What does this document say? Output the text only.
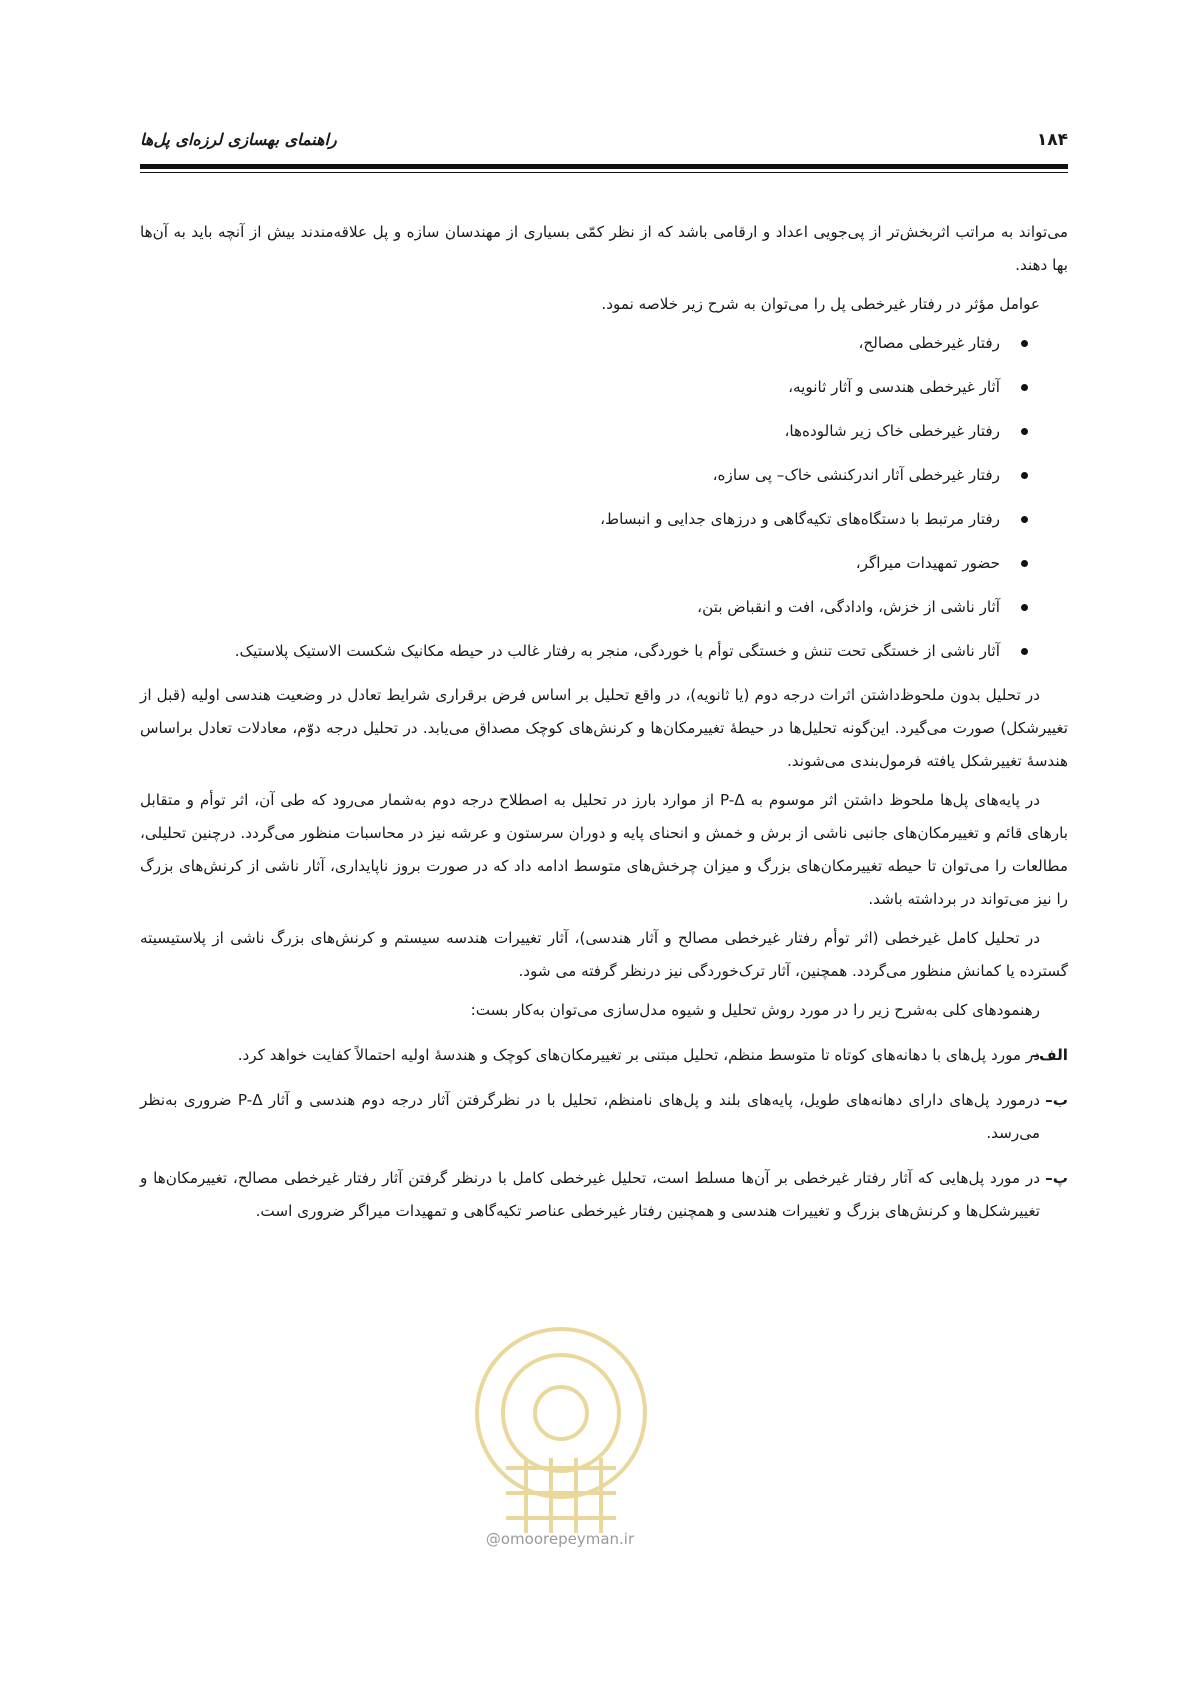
۱۸۴
راهنمای بهسازی لرزه‌ای پل‌ها

می‌تواند به مراتب اثربخش‌تر از پی‌جویی اعداد و ارقامی باشد که از نظر کمّی بسیاری از مهندسان سازه و پل علاقه‌مندند بیش از آنچه باید به آن‌ها بها دهند.

عوامل مؤثر در رفتار غیرخطی پل را می‌توان به شرح زیر خلاصه نمود.

رفتار غیرخطی مصالح،
آثار غیرخطی هندسی و آثار ثانویه،
رفتار غیرخطی خاک زیر شالوده‌ها،
رفتار غیرخطی آثار اندرکنشی خاک– پی سازه،
رفتار مرتبط با دستگاه‌های تکیه‌گاهی و درزهای جدایی و انبساط،
حضور تمهیدات میراگر،
آثار ناشی از خزش، وادادگی، افت و انقباض بتن،
آثار ناشی از خستگی تحت تنش و خستگی توأم با خوردگی، منجر به رفتار غالب در حیطه مکانیک شکست الاستیک پلاستیک.

در تحلیل بدون ملحوظ‌داشتن اثرات درجه دوم (یا ثانویه)، در واقع تحلیل بر اساس فرض برقراری شرایط تعادل در وضعیت هندسی اولیه (قبل از تغییرشکل) صورت می‌گیرد. این‌گونه تحلیل‌ها در حیطهٔ تغییرمکان‌ها و کرنش‌های کوچک مصداق می‌یابد. در تحلیل درجه دوّم، معادلات تعادل براساس هندسهٔ تغییرشکل یافته فرمول‌بندی می‌شوند.

در پایه‌های پل‌ها ملحوظ داشتن اثر موسوم به P-Δ از موارد بارز در تحلیل به اصطلاح درجه دوم به‌شمار می‌رود که طی آن، اثر توأم و متقابل بارهای قائم و تغییرمکان‌های جانبی ناشی از برش و خمش و انحنای پایه و دوران سرستون و عرشه نیز در محاسبات منظور می‌گردد. درچنین تحلیلی، مطالعات را می‌توان تا حیطه تغییرمکان‌های بزرگ و میزان چرخش‌های متوسط ادامه داد که در صورت بروز ناپایداری، آثار ناشی از کرنش‌های بزرگ را نیز می‌تواند در برداشته باشد.

در تحلیل کامل غیرخطی (اثر توأم رفتار غیرخطی مصالح و آثار هندسی)، آثار تغییرات هندسه سیستم و کرنش‌های بزرگ ناشی از پلاستیسیته گسترده یا کمانش منظور می‌گردد. همچنین، آثار ترک‌خوردگی نیز درنظر گرفته می شود.

رهنمودهای کلی به‌شرح زیر را در مورد روش تحلیل و شیوه مدل‌سازی می‌توان به‌کار بست:

الف–
در مورد پل‌های با دهانه‌های کوتاه تا متوسط منظم، تحلیل مبتنی بر تغییرمکان‌های کوچک و هندسهٔ اولیه احتمالاً کفایت خواهد کرد.
ب–
درمورد پل‌های دارای دهانه‌های طویل، پایه‌های بلند و پل‌های نامنظم، تحلیل با در نظرگرفتن آثار درجه دوم هندسی و آثار P-Δ ضروری به‌نظر می‌رسد.
پ–
در مورد پل‌هایی که آثار رفتار غیرخطی بر آن‌ها مسلط است، تحلیل غیرخطی کامل با درنظر گرفتن آثار رفتار غیرخطی مصالح، تغییرمکان‌ها و تغییرشکل‌ها و کرنش‌های بزرگ و تغییرات هندسی و همچنین رفتار غیرخطی عناصر تکیه‌گاهی و تمهیدات میراگر ضروری است.
@omoorepeyman.ir
